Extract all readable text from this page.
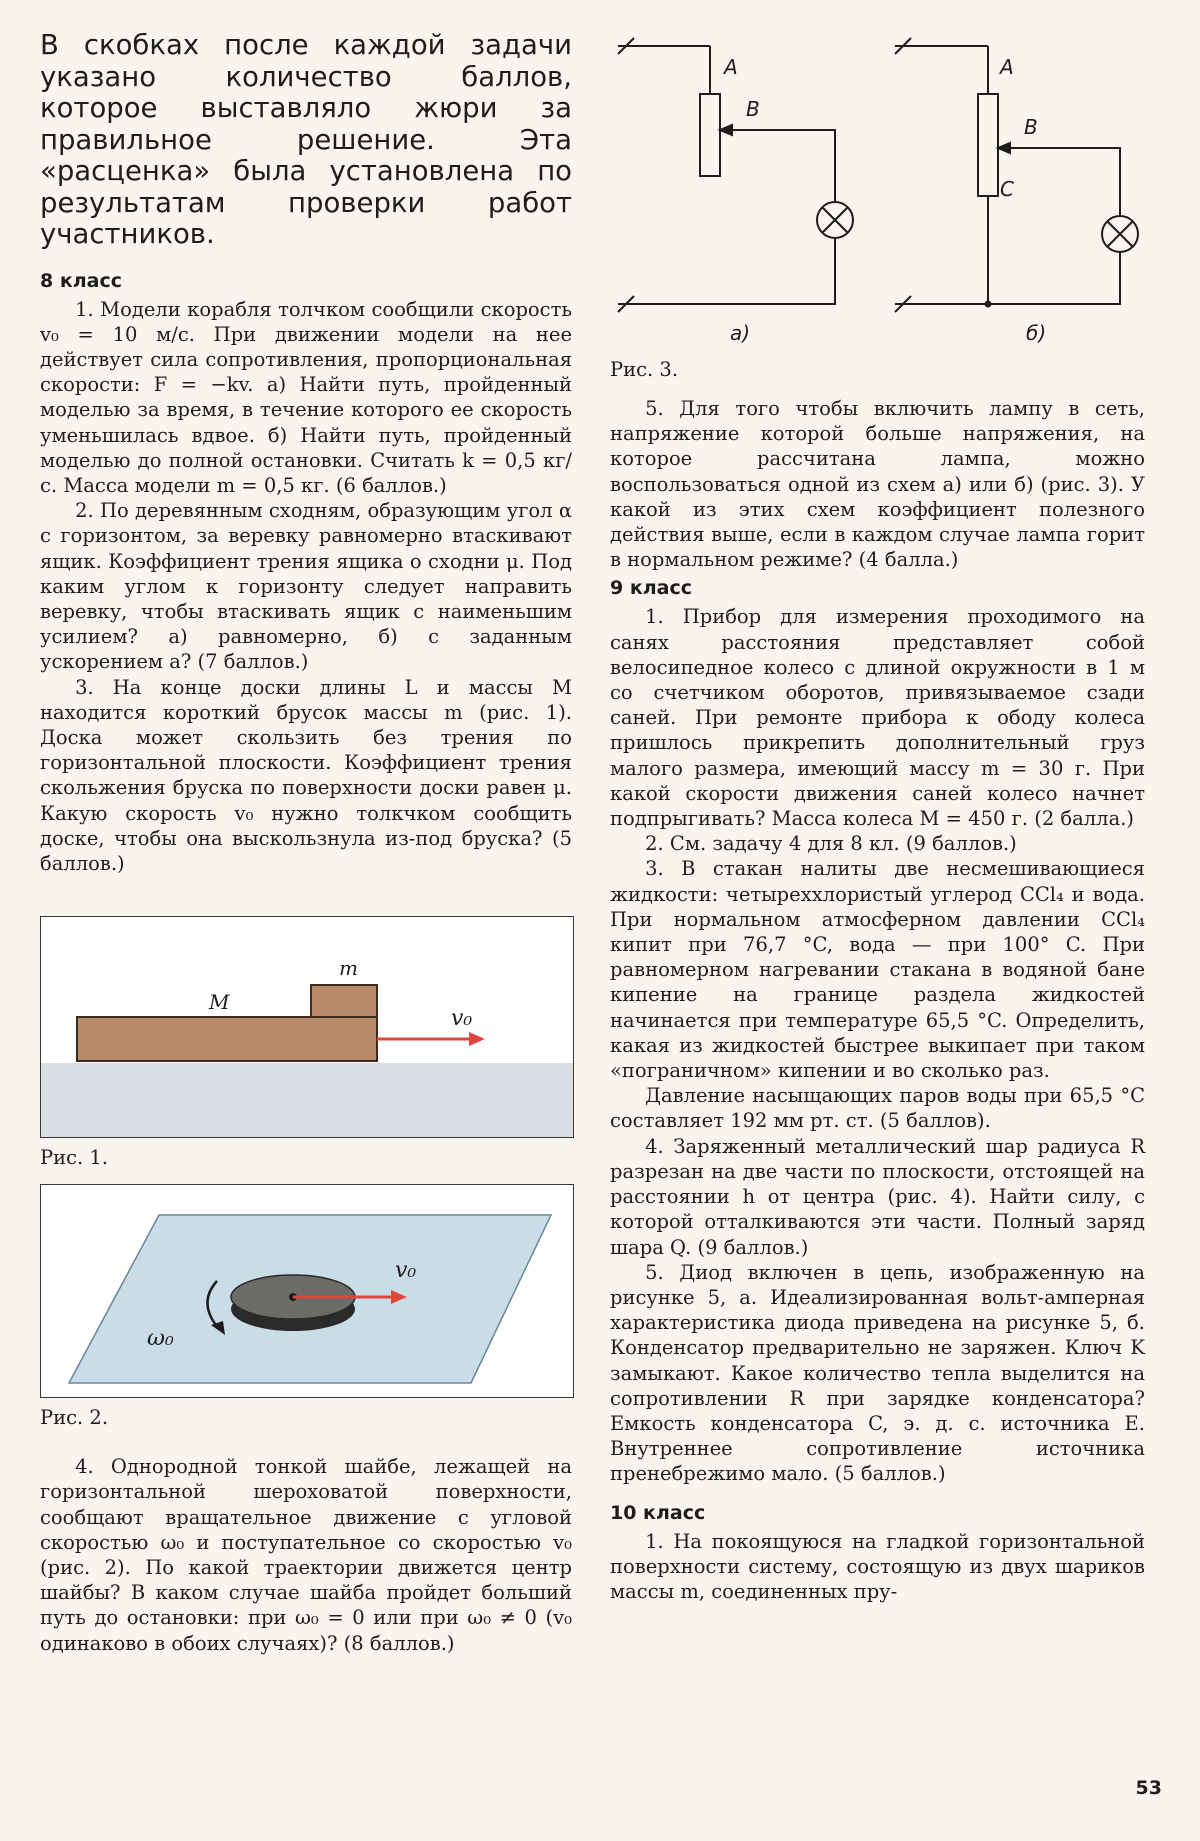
В скобках после каждой задачи указано количество баллов, которое выставляло жюри за правильное решение. Эта «расценка» была установлена по результатам проверки работ участников.

8 класс

1. Модели корабля толчком сообщили скорость v₀ = 10 м/с. При движении модели на нее действует сила сопротивления, пропорциональная скорости: F = −kv. а) Найти путь, пройденный моделью за время, в течение которого ее скорость уменьшилась вдвое. б) Найти путь, пройденный моделью до полной остановки. Считать k = 0,5 кг/с. Масса модели m = 0,5 кг. (6 баллов.)

2. По деревянным сходням, образующим угол α с горизонтом, за веревку равномерно втаскивают ящик. Коэффициент трения ящика о сходни μ. Под каким углом к горизонту следует направить веревку, чтобы втаскивать ящик с наименьшим усилием? а) равномерно, б) с заданным ускорением a? (7 баллов.)

3. На конце доски длины L и массы M находится короткий брусок массы m (рис. 1). Доска может скользить без трения по горизонтальной плоскости. Коэффициент трения скольжения бруска по поверхности доски равен μ. Какую скорость v₀ нужно толкчком сообщить доске, чтобы она выскользнула из-под бруска? (5 баллов.)

m
M
v₀
Рис. 1.
ω₀
v₀
Рис. 2.

4. Однородной тонкой шайбе, лежащей на горизонтальной шероховатой поверхности, сообщают вращательное движение с угловой скоростью ω₀ и поступательное со скоростью v₀ (рис. 2). По какой траектории движется центр шайбы? В каком случае шайба пройдет больший путь до остановки: при ω₀ = 0 или при ω₀ ≠ 0 (v₀ одинаково в обоих случаях)? (8 баллов.)

A
B
A
B
C
а)	б)
Рис. 3.

5. Для того чтобы включить лампу в сеть, напряжение которой больше напряжения, на которое рассчитана лампа, можно воспользоваться одной из схем а) или б) (рис. 3). У какой из этих схем коэффициент полезного действия выше, если в каждом случае лампа горит в нормальном режиме? (4 балла.)

9 класс

1. Прибор для измерения проходимого на санях расстояния представляет собой велосипедное колесо с длиной окружности в 1 м со счетчиком оборотов, привязываемое сзади саней. При ремонте прибора к ободу колеса пришлось прикрепить дополнительный груз малого размера, имеющий массу m = 30 г. При какой скорости движения саней колесо начнет подпрыгивать? Масса колеса M = 450 г. (2 балла.)

2. См. задачу 4 для 8 кл. (9 баллов.)

3. В стакан налиты две несмешивающиеся жидкости: четыреххлористый углерод CCl₄ и вода. При нормальном атмосферном давлении CCl₄ кипит при 76,7 °C, вода — при 100° C. При равномерном нагревании стакана в водяной бане кипение на границе раздела жидкостей начинается при температуре 65,5 °C. Определить, какая из жидкостей быстрее выкипает при таком «пограничном» кипении и во сколько раз.

Давление насыщающих паров воды при 65,5 °C составляет 192 мм рт. ст. (5 баллов).

4. Заряженный металлический шар радиуса R разрезан на две части по плоскости, отстоящей на расстоянии h от центра (рис. 4). Найти силу, с которой отталкиваются эти части. Полный заряд шара Q. (9 баллов.)

5. Диод включен в цепь, изображенную на рисунке 5, а. Идеализированная вольт-амперная характеристика диода приведена на рисунке 5, б. Конденсатор предварительно не заряжен. Ключ K замыкают. Какое количество тепла выделится на сопротивлении R при зарядке конденсатора? Емкость конденсатора C, э. д. с. источника E. Внутреннее сопротивление источника пренебрежимо мало. (5 баллов.)

10 класс

1. На покоящуюся на гладкой горизонтальной поверхности систему, состоящую из двух шариков массы m, соединенных пру-

53
